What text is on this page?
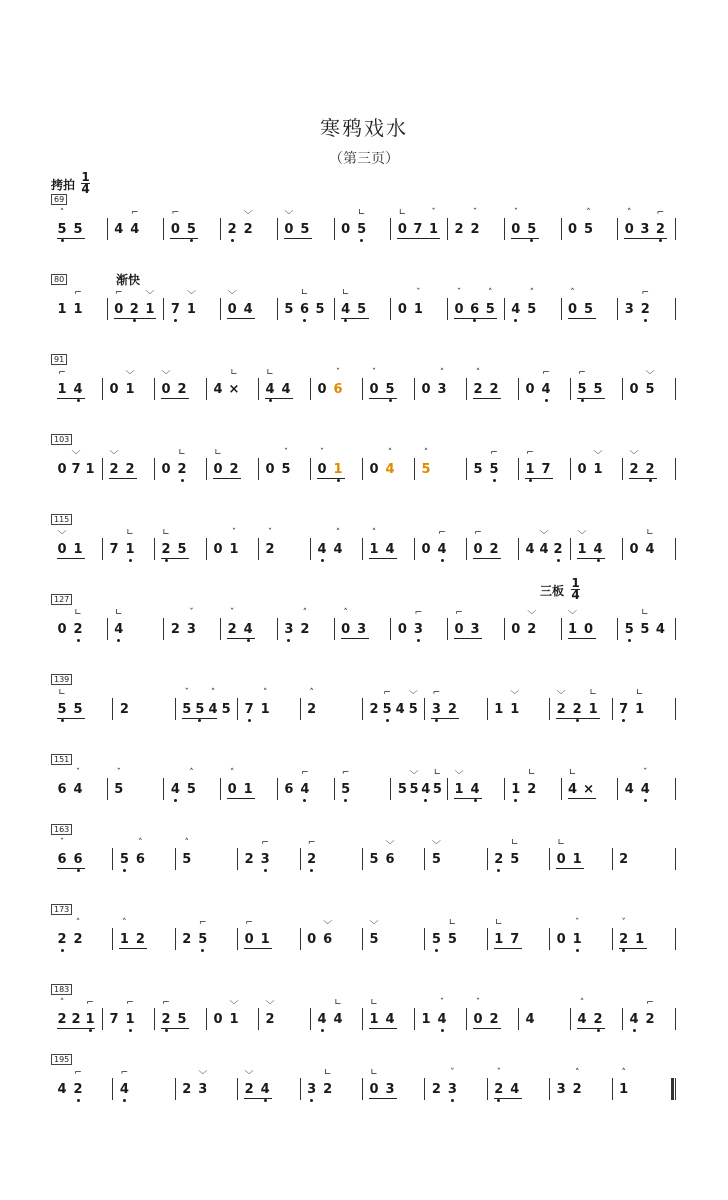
寒鸦戏水
（第三页）
拷拍 $\frac{1}{4}$
渐快
三板 $\frac{1}{4}$
69
5
˄
5 4 4
⌐
0
⌐
5 2 2
﹀
0
﹀
5 0 5
∟
0
∟
7 1
ˇ
2 2
ˇ
0
ˇ
5 0 5
˄
0
˄
3 2
⌐
80
1 1
⌐
0
⌐
2 1
﹀
7 1
﹀
0
﹀
4 5 6
∟
5 4
∟
5 0 1
ˇ
0
ˇ
6 5
˄
4 5
˄
0
˄
5 3 2
⌐
91
1
⌐
4 0 1
﹀
0
﹀
2 4 ×
∟
4
∟
4 0 6
ˇ
0
ˇ
5 0 3
˄
2
˄
2 0 4
⌐
5
⌐
5 0 5
﹀
103
0 7
﹀
1 2
﹀
2 0 2
∟
0
∟
2 0 5
ˇ
0
ˇ
1 0 4
˄
5
˄
5 5
⌐
1
⌐
7 0 1
﹀
2
﹀
2
115
0
﹀
1 7 1
∟
2
∟
5 0 1
ˇ
2
ˇ
4 4
˄
1
˄
4 0 4
⌐
0
⌐
2 4 4
﹀
2 1
﹀
4 0 4
∟
127
0 2
∟
4
∟
2 3
ˇ
2
ˇ
4 3 2
˄
0
˄
3 0 3
⌐
0
⌐
3 0 2
﹀
1
﹀
0 5 5
∟
4
139
5
∟
5	2	5
ˇ
5 4
˄
5 7 1
˄
2
˄
2 5
⌐
4 5
﹀
3
⌐
2	1 1
﹀
2
﹀
2 1
∟
7 1
∟
151
6 4
ˇ
5
ˇ
4 5
˄
0
˄
1 6 4
⌐
5
⌐
5 5
﹀
4 5
∟
1
﹀
4 1 2
∟
4
∟
× 4 4
ˇ
163
6
ˇ
6	5 6
˄
5
˄
2 3
⌐
2
⌐
5 6
﹀
5
﹀
2 5
∟
0
∟
1	2
173
2 2
˄
1
˄
2	2 5
⌐
0
⌐
1	0 6
﹀
5
﹀
5 5
∟
1
∟
7	0 1
ˇ
2
ˇ
1
183
2
˄
2 1
⌐
7 1
⌐
2
⌐
5 0 1
﹀
2
﹀
4 4
∟
1
∟
4 1 4
ˇ
0
ˇ
2 4	4
˄
2 4 2
⌐
195
4 2
⌐
4
⌐
2 3
﹀
2
﹀
4	3 2
∟
0
∟
3	2 3
ˇ
2
ˇ
4	3 2
˄
1
˄
